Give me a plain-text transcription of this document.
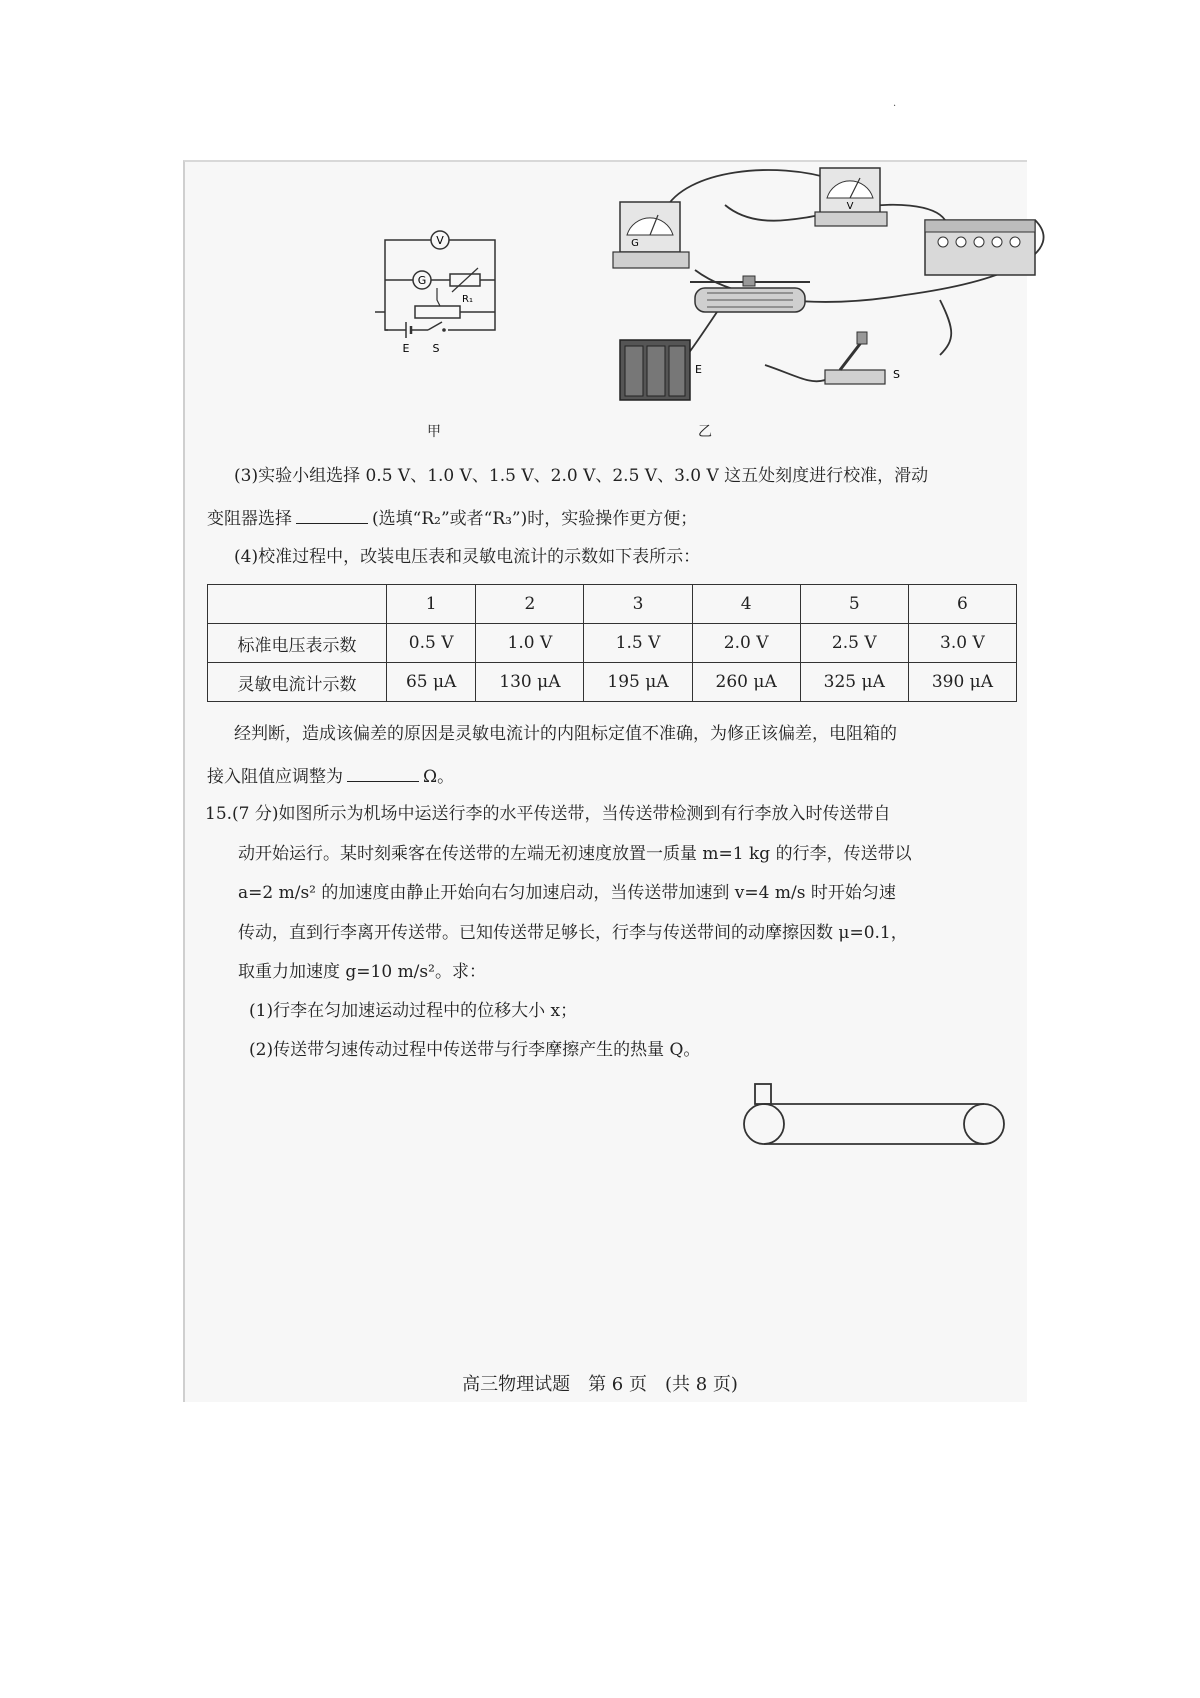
·
V
G
R₁
E S
甲
V
G
E	S
乙
(3)实验小组选择 0.5 V、1.0 V、1.5 V、2.0 V、2.5 V、3.0 V 这五处刻度进行校准，滑动
变阻器选择	(选填“R₂”或者“R₃”)时，实验操作更方便；
(4)校准过程中，改装电压表和灵敏电流计的示数如下表所示：
	1	2	3	4	5	6
标准电压表示数	0.5 V	1.0 V	1.5 V	2.0 V	2.5 V	3.0 V
灵敏电流计示数	65 μA	130 μA	195 μA	260 μA	325 μA	390 μA
经判断，造成该偏差的原因是灵敏电流计的内阻标定值不准确，为修正该偏差，电阻箱的
接入阻值应调整为	Ω。
15.(7 分)如图所示为机场中运送行李的水平传送带，当传送带检测到有行李放入时传送带自
动开始运行。某时刻乘客在传送带的左端无初速度放置一质量 m=1 kg 的行李，传送带以
a=2 m/s² 的加速度由静止开始向右匀加速启动，当传送带加速到 v=4 m/s 时开始匀速
传动，直到行李离开传送带。已知传送带足够长，行李与传送带间的动摩擦因数 μ=0.1，
取重力加速度 g=10 m/s²。求：
(1)行李在匀加速运动过程中的位移大小 x；
(2)传送带匀速传动过程中传送带与行李摩擦产生的热量 Q。
高三物理试题　第 6 页　(共 8 页)
